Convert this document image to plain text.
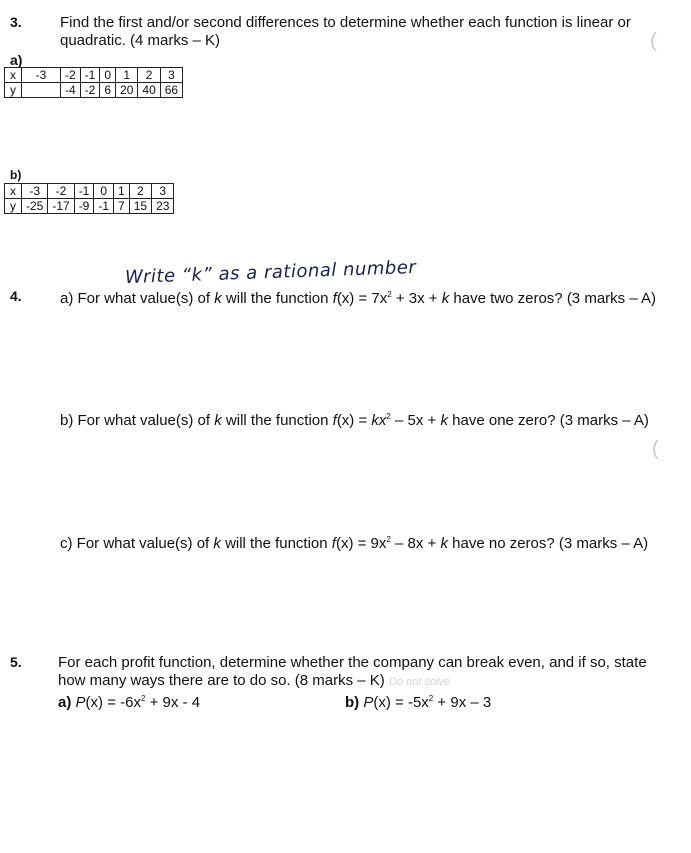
3.	Find the first and/or second differences to determine whether each function is linear or
quadratic. (4 marks – K)	(
a)
x	-3	-2	-1	0	1	2	3
y		-4	-2	6	20	40	66
b)
x	-3	-2	-1	0	1	2	3
y	-25	-17	-9	-1	7	15	23
Write “k” as a rational number
4.	a) For what value(s) of k will the function $f(x) = 7x^2 + 3x + k$ have two zeros? (3 marks – A)
b) For what value(s) of k will the function $f(x) = kx^2 - 5x + k$ have one zero? (3 marks – A)
(
c) For what value(s) of k will the function $f(x) = 9x^2 - 8x + k$ have no zeros? (3 marks – A)
5. For each profit function, determine whether the company can break even, and if so, state
how many ways there are to do so. (8 marks – K) Do not solve
a) $P(x) = -6x^2 + 9x - 4$	b) $P(x) = -5x^2 + 9x - 3$
